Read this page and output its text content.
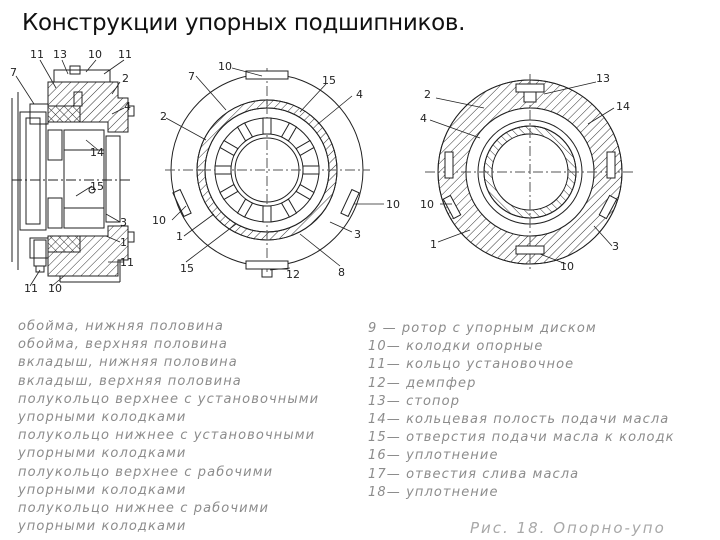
Конструкции упорных подшипников.
11 13 10 11
7	2
4
14
15
3
1
11
11 10
7
10
15
4
2
10
1
15	12	8
3
10
13
2
14
4
10
1	3
10
обойма, нижняя половина
обойма, верхняя половина
вкладыш, нижняя половина
вкладыш, верхняя половина
полукольцо верхнее с установочными
упорными колодками
полукольцо нижнее с установочными
упорными колодками
полукольцо верхнее с рабочими
упорными колодками
полукольцо нижнее с рабочими
упорными колодками
9 — ротор с упорным диском
10— колодки опорные
11— кольцо установочное
12— демпфер
13— стопор
14— кольцевая полость подачи масла
15— отверстия подачи масла к колодк
16— уплотнение
17— отвестия слива масла
18— уплотнение
Рис. 18. Опорно-упо
